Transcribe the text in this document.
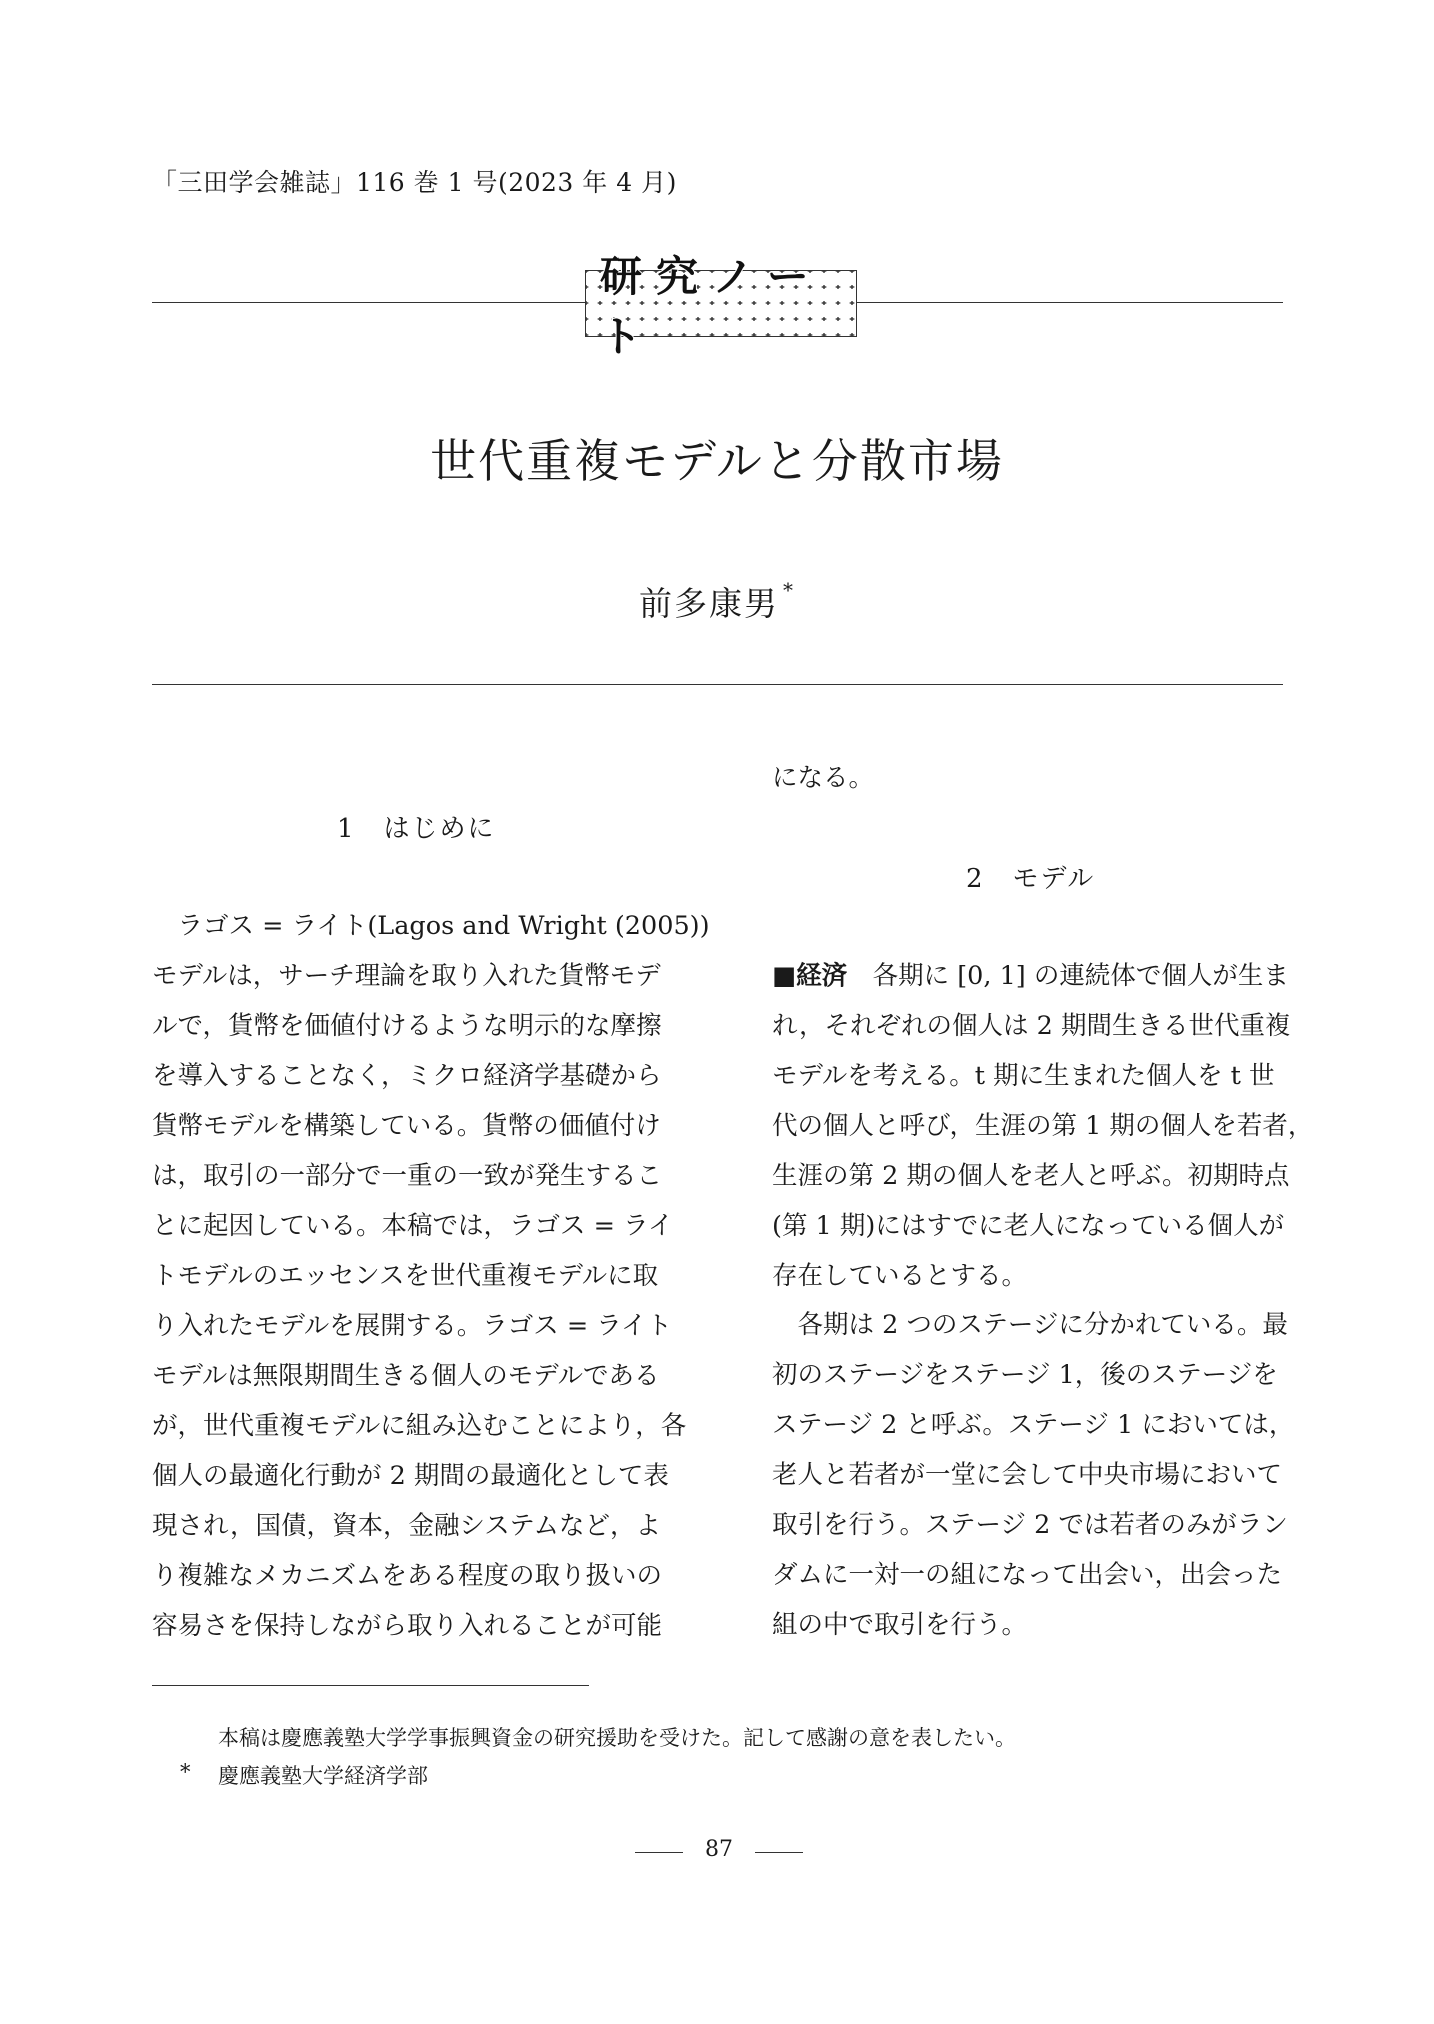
「三田学会雑誌」116 巻 1 号(2023 年 4 月)
研究ノート
世代重複モデルと分散市場
前多康男 *
1　はじめに
　ラゴス = ライト(Lagos and Wright (2005))
モデルは，サーチ理論を取り入れた貨幣モデ
ルで，貨幣を価値付けるような明示的な摩擦
を導入することなく，ミクロ経済学基礎から
貨幣モデルを構築している。貨幣の価値付け
は，取引の一部分で一重の一致が発生するこ
とに起因している。本稿では，ラゴス = ライ
トモデルのエッセンスを世代重複モデルに取
り入れたモデルを展開する。ラゴス = ライト
モデルは無限期間生きる個人のモデルである
が，世代重複モデルに組み込むことにより，各
個人の最適化行動が 2 期間の最適化として表
現され，国債，資本，金融システムなど，よ
り複雑なメカニズムをある程度の取り扱いの
容易さを保持しながら取り入れることが可能
になる。
2　モデル
■経済　各期に [0, 1] の連続体で個人が生ま
れ，それぞれの個人は 2 期間生きる世代重複
モデルを考える。t 期に生まれた個人を t 世
代の個人と呼び，生涯の第 1 期の個人を若者，
生涯の第 2 期の個人を老人と呼ぶ。初期時点
(第 1 期)にはすでに老人になっている個人が
存在しているとする。
　各期は 2 つのステージに分かれている。最
初のステージをステージ 1，後のステージを
ステージ 2 と呼ぶ。ステージ 1 においては，
老人と若者が一堂に会して中央市場において
取引を行う。ステージ 2 では若者のみがラン
ダムに一対一の組になって出会い，出会った
組の中で取引を行う。
本稿は慶應義塾大学学事振興資金の研究援助を受けた。記して感謝の意を表したい。
* 慶應義塾大学経済学部
87
